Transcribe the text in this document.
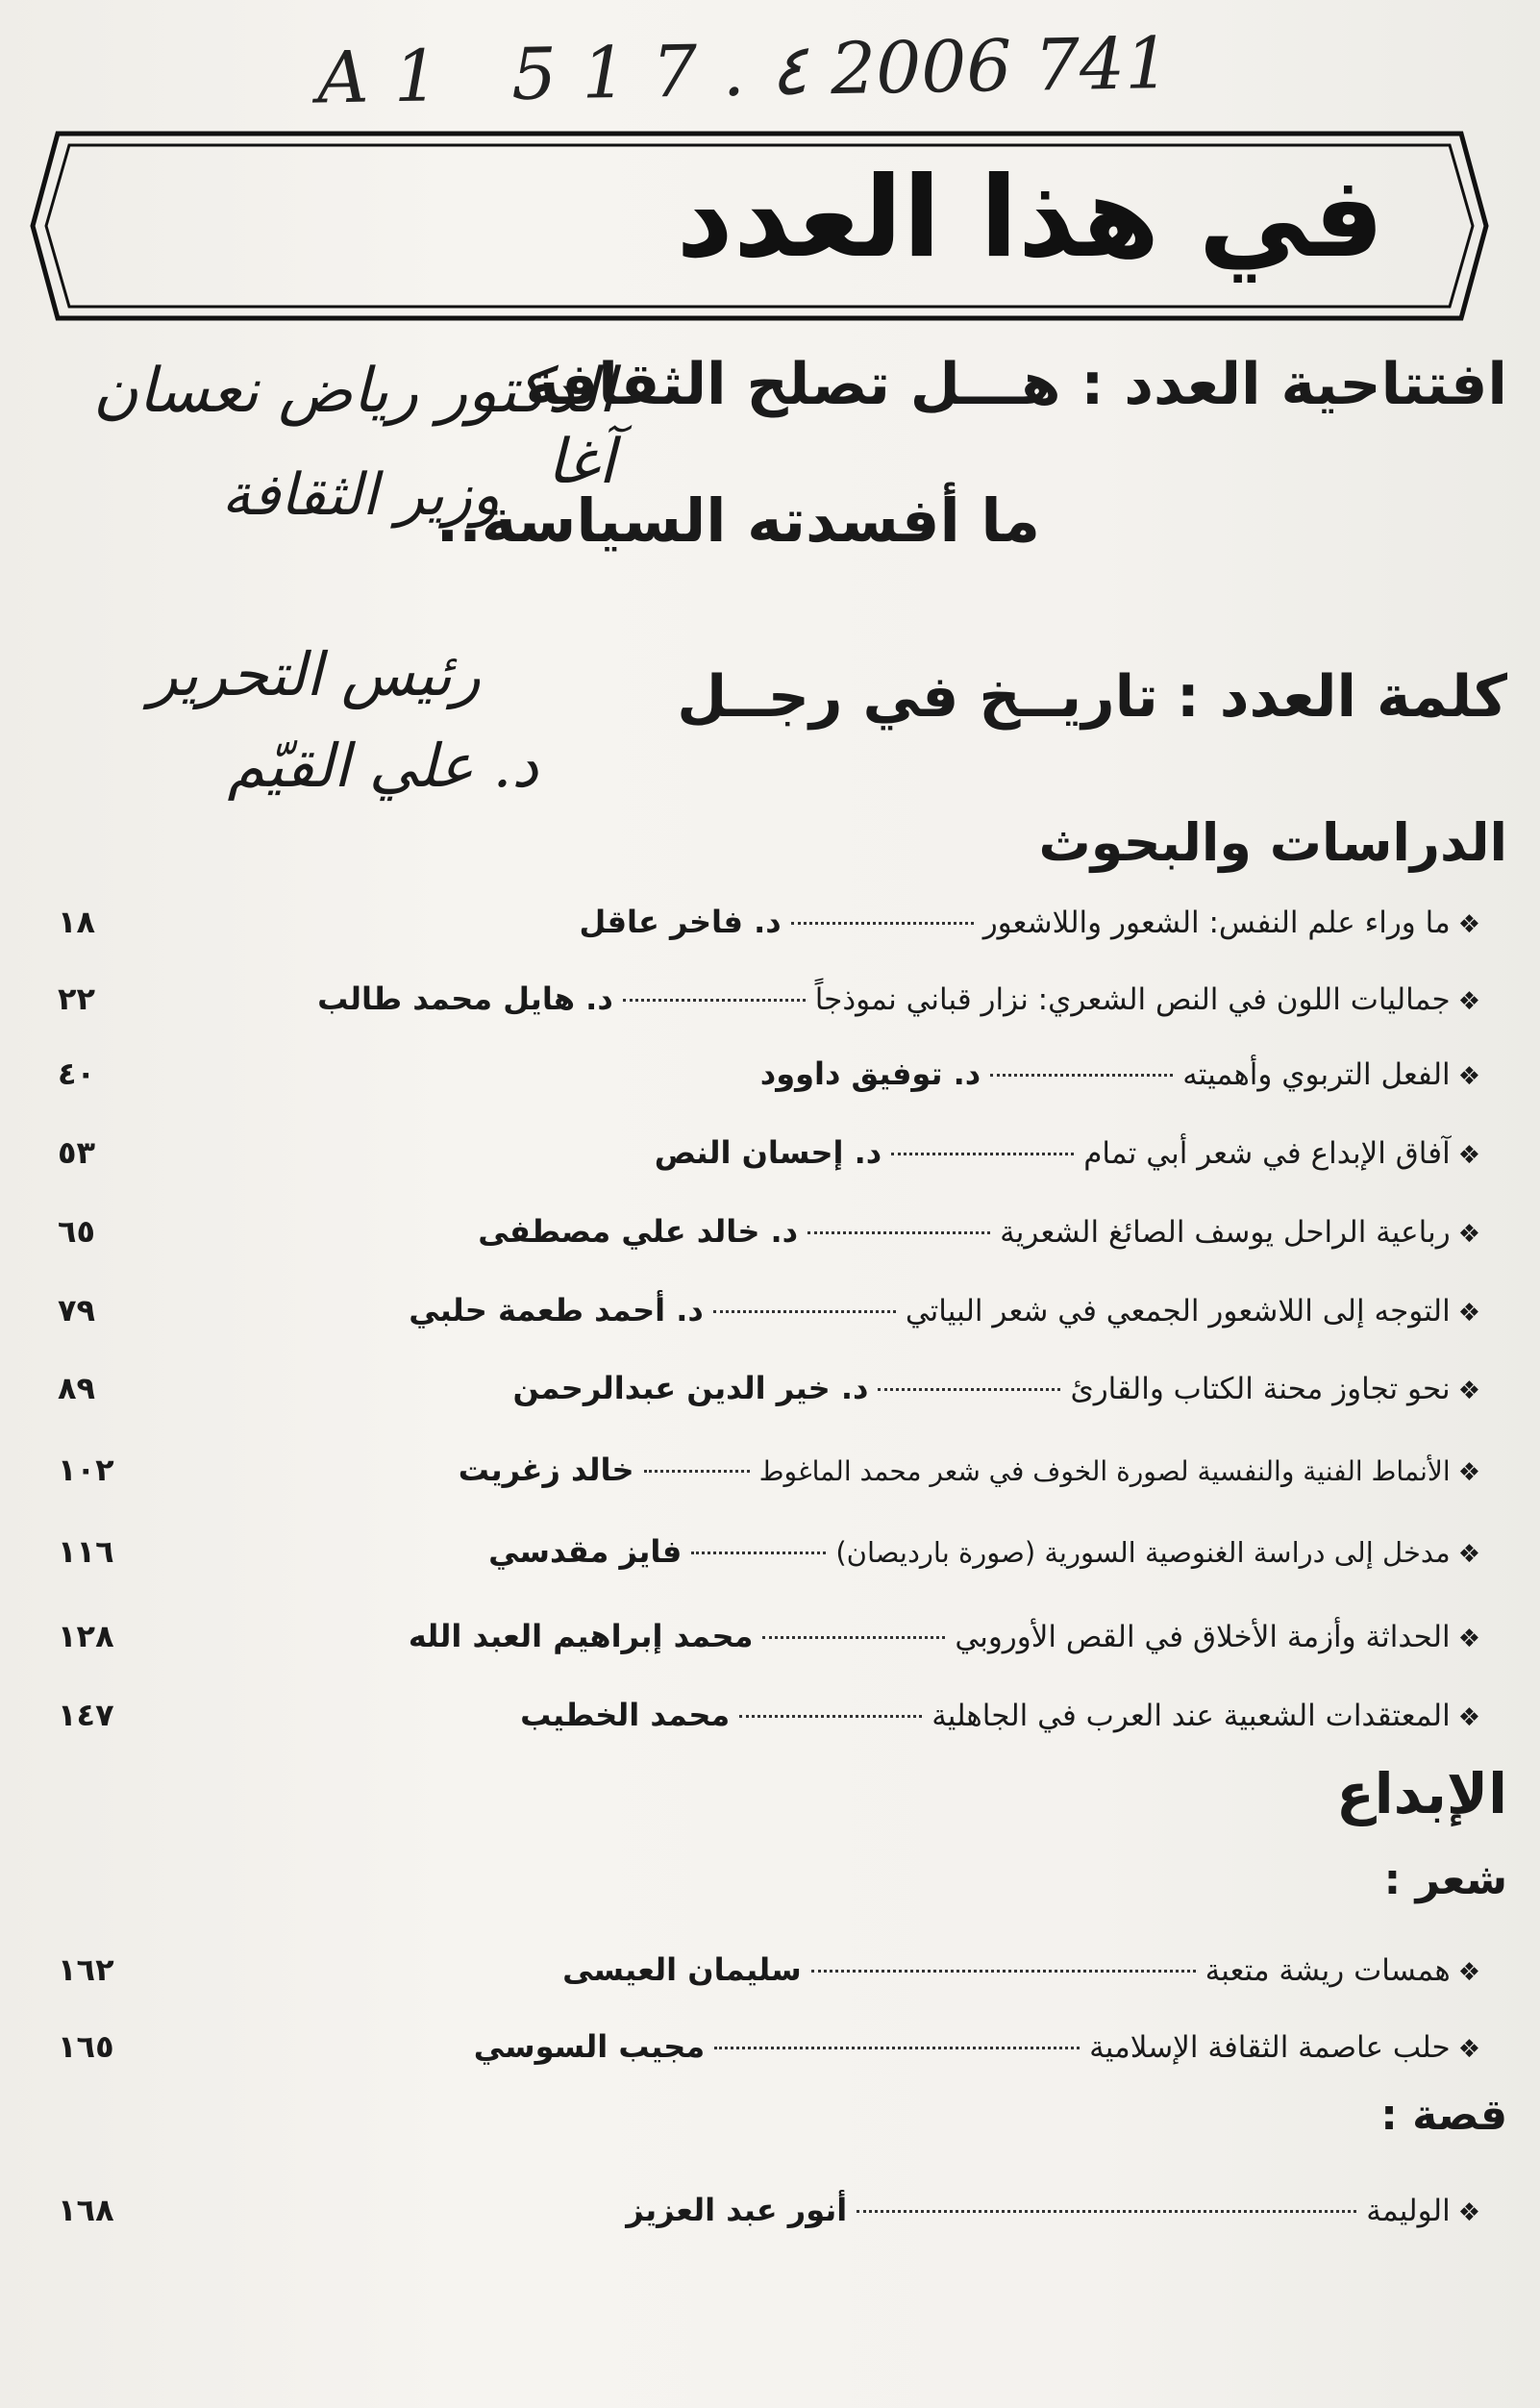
A1 517.٤ 2006 741
في هذا العدد
افتتاحية العدد : هـــل تصلح الثقافة
ما أفسدته السياسة..
الدكتور رياض نعسان آغا
وزير الثقافة
كلمة العدد : تاريــخ في رجــل
رئيس التحرير
د. علي القيّم
الدراسات والبحوث
❖
ما وراء علم النفس: الشعور واللاشعور
د. فاخر عاقل
١٨
❖
جماليات اللون في النص الشعري: نزار قباني نموذجاً
د. هايل محمد طالب
٢٢
❖
الفعل التربوي وأهميته
د. توفيق داوود
٤٠
❖
آفاق الإبداع في شعر أبي تمام
د. إحسان النص
٥٣
❖
رباعية الراحل يوسف الصائغ الشعرية
د. خالد علي مصطفى
٦٥
❖
التوجه إلى اللاشعور الجمعي في شعر البياتي
د. أحمد طعمة حلبي
٧٩
❖
نحو تجاوز محنة الكتاب والقارئ
د. خير الدين عبدالرحمن
٨٩
❖
الأنماط الفنية والنفسية لصورة الخوف في شعر محمد الماغوط
خالد زغريت
١٠٢
❖
مدخل إلى دراسة الغنوصية السورية (صورة بارديصان)
فايز مقدسي
١١٦
❖
الحداثة وأزمة الأخلاق في القص الأوروبي
محمد إبراهيم العبد الله
١٢٨
❖
المعتقدات الشعبية عند العرب في الجاهلية
محمد الخطيب
١٤٧
الإبداع
شعر :
❖
همسات ريشة متعبة
سليمان العيسى
١٦٢
❖
حلب عاصمة الثقافة الإسلامية
مجيب السوسي
١٦٥
قصة :
❖
الوليمة
أنور عبد العزيز
١٦٨
